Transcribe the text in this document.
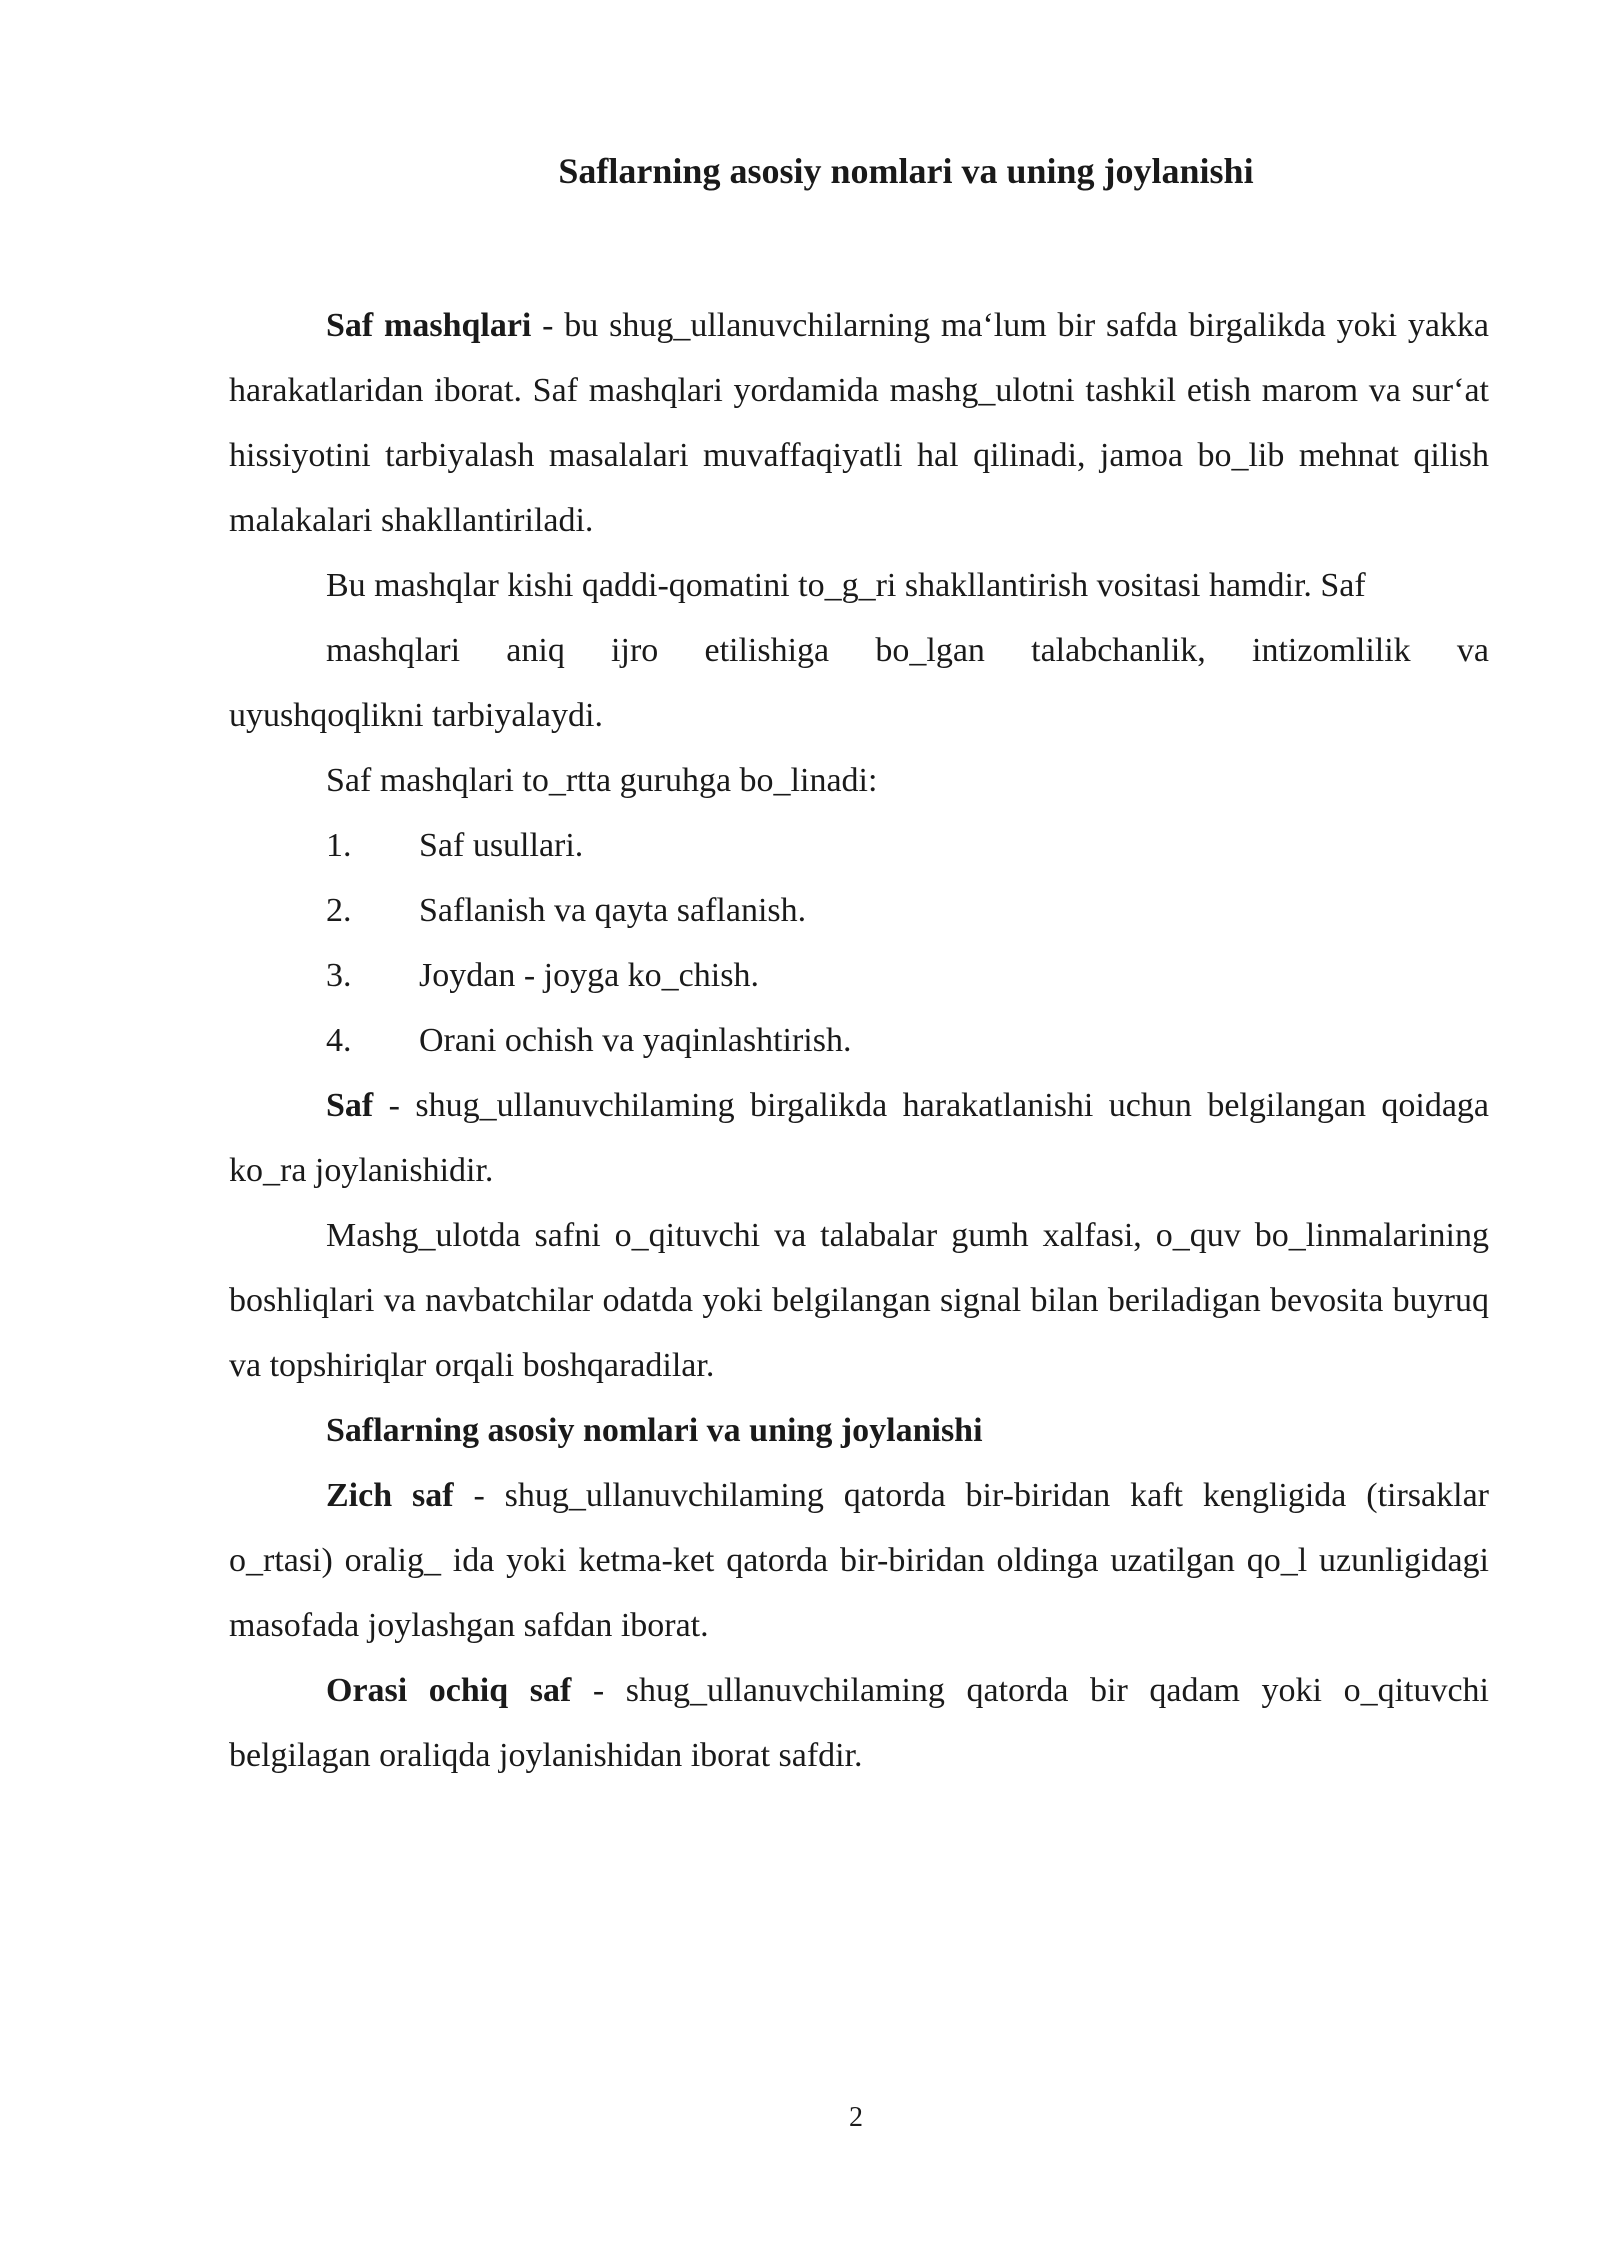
Saflarning asosiy nomlari va uning joylanishi

Saf mashqlari - bu shug_ullanuvchilarning ma‘lum bir safda birgalikda yoki yakka harakatlaridan iborat. Saf mashqlari yordamida mashg_ulotni tashkil etish marom va sur‘at hissiyotini tarbiyalash masalalari muvaffaqiyatli hal qilinadi, jamoa bo_lib mehnat qilish malakalari shakllantiriladi.

Bu mashqlar kishi qaddi-qomatini to_g_ri shakllantirish vositasi hamdir. Saf

mashqlari aniq ijro etilishiga bo_lgan talabchanlik, intizomlilik va

uyushqoqlikni tarbiyalaydi.

Saf mashqlari to_rtta guruhga bo_linadi:

1.	Saf usullari.
2.	Saflanish va qayta saflanish.
3.	Joydan - joyga ko_chish.
4.	Orani ochish va yaqinlashtirish.

Saf - shug_ullanuvchilaming birgalikda harakatlanishi uchun belgilangan qoidaga ko_ra joylanishidir.

Mashg_ulotda safni o_qituvchi va talabalar gumh xalfasi, o_quv bo_linmalarining boshliqlari va navbatchilar odatda yoki belgilangan signal bilan beriladigan bevosita buyruq va topshiriqlar orqali boshqaradilar.

Saflarning asosiy nomlari va uning joylanishi

Zich saf - shug_ullanuvchilaming qatorda bir-biridan kaft kengligida (tirsaklar o_rtasi) oralig_ ida yoki ketma-ket qatorda bir-biridan oldinga uzatilgan qo_l uzunligidagi masofada joylashgan safdan iborat.

Orasi ochiq saf - shug_ullanuvchilaming qatorda bir qadam yoki o_qituvchi belgilagan oraliqda joylanishidan iborat safdir.

2
